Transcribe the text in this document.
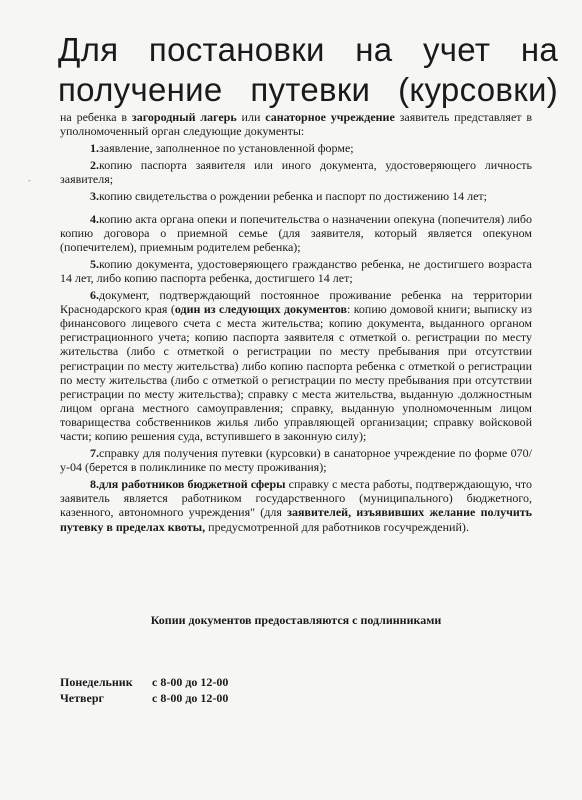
Для постановки на учет на
получение путевки (курсовки)

на ребенка в загородный лагерь или санаторное учреждение заявитель представляет в уполномоченный орган следующие документы:

1.заявление, заполненное по установленной форме;

2.копию паспорта заявителя или иного документа, удостоверяющего личность заявителя;

3.копию свидетельства о рождении ребенка и паспорт по достижению 14 лет;

4.копию акта органа опеки и попечительства о назначении опекуна (попечителя) либо копию договора о приемной семье (для заявителя, который является опекуном (попечителем), приемным родителем ребенка);

5.копию документа, удостоверяющего гражданство ребенка, не достигшего возраста 14 лет, либо копию паспорта ребенка, достигшего 14 лет;

6.документ, подтверждающий постоянное проживание ребенка на территории Краснодарского края (один из следующих документов: копию домовой книги; выписку из финансового лицевого счета с места жительства; копию документа, выданного органом регистрационного учета; копию паспорта заявителя с отметкой о. регистрации по месту жительства (либо с отметкой о регистрации по месту пребывания при отсутствии регистрации по месту жительства) либо копию паспорта ребенка с отметкой о регистрации по месту жительства (либо с отметкой о регистрации по месту пребывания при отсутствии регистрации по месту жительства); справку с места жительства, выданную .должностным лицом органа местного самоуправления; справку, выданную уполномоченным лицом товарищества собственников жилья либо управляющей организации; справку войсковой части; копию решения суда, вступившего в законную силу);

7.справку для получения путевки (курсовки) в санаторное учреждение по форме 070/у-04 (берется в поликлинике по месту проживания);

8.для работников бюджетной сферы справку с места работы, подтверждающую, что заявитель является работником государственного (муниципального) бюджетного, казенного, автономного учреждения" (для заявителей, изъявивших желание получить путевку в пределах квоты, предусмотренной для работников госучреждений).

Копии документов предоставляются с подлинниками
Понедельник	с 8-00 до 12-00
Четверг	с 8-00 до 12-00
-
